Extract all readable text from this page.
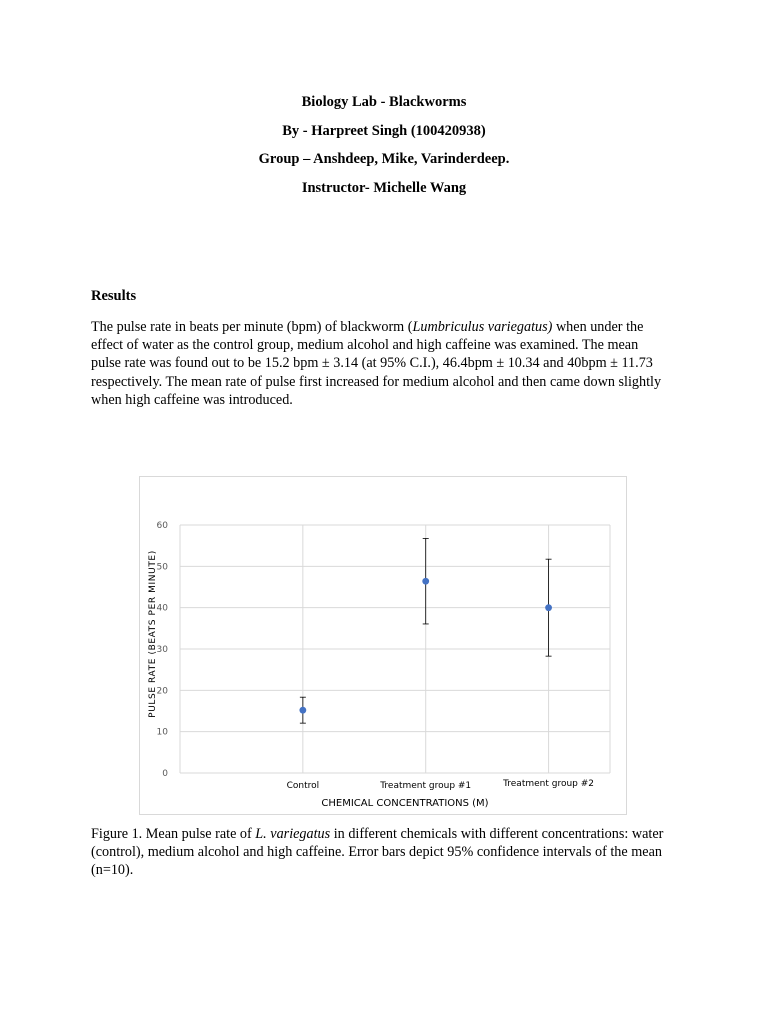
Biology Lab - Blackworms
By - Harpreet Singh (100420938)
Group – Anshdeep, Mike, Varinderdeep.
Instructor- Michelle Wang
Results

The pulse rate in beats per minute (bpm) of blackworm (Lumbriculus variegatus) when under the effect of water as the control group, medium alcohol and high caffeine was examined. The mean pulse rate was found out to be 15.2 bpm ± 3.14 (at 95% C.I.), 46.4bpm ± 10.34 and 40bpm ± 11.73 respectively. The mean rate of pulse first increased for medium alcohol and then came down slightly when high caffeine was introduced.

0
10
20
30
40
50
60
Control	Treatment group #1	Treatment group #2
PULSE RATE (BEATS PER MINUTE)
CHEMICAL CONCENTRATIONS (M)

Figure 1. Mean pulse rate of L. variegatus in different chemicals with different concentrations: water (control), medium alcohol and high caffeine. Error bars depict 95% confidence intervals of the mean (n=10).
